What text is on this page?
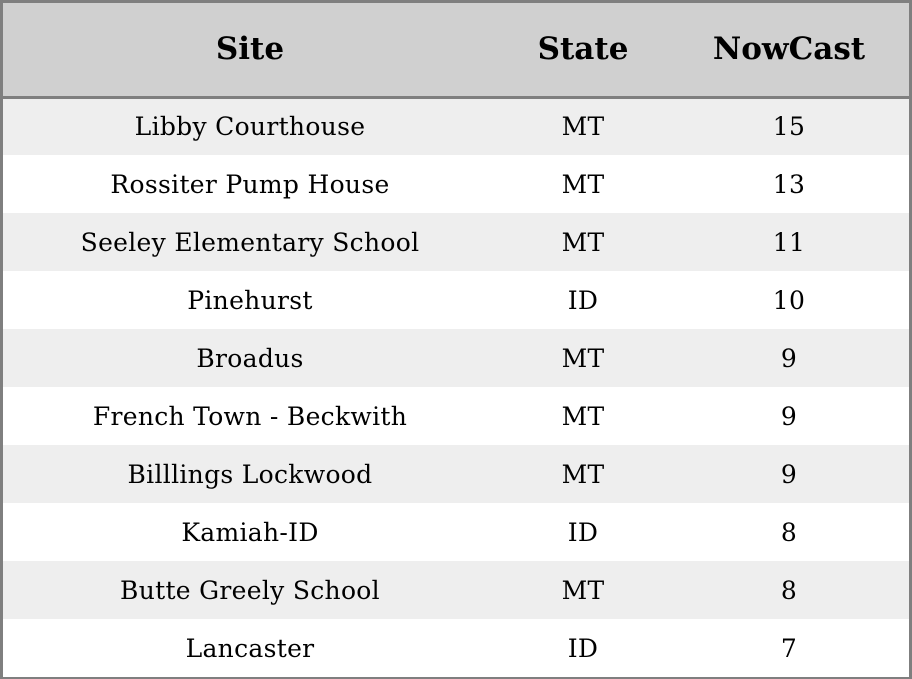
Site	State	NowCast
Libby Courthouse	MT	15
Rossiter Pump House	MT	13
Seeley Elementary School	MT	11
Pinehurst	ID	10
Broadus	MT	9
French Town - Beckwith	MT	9
Billlings Lockwood	MT	9
Kamiah-ID	ID	8
Butte Greely School	MT	8
Lancaster	ID	7
